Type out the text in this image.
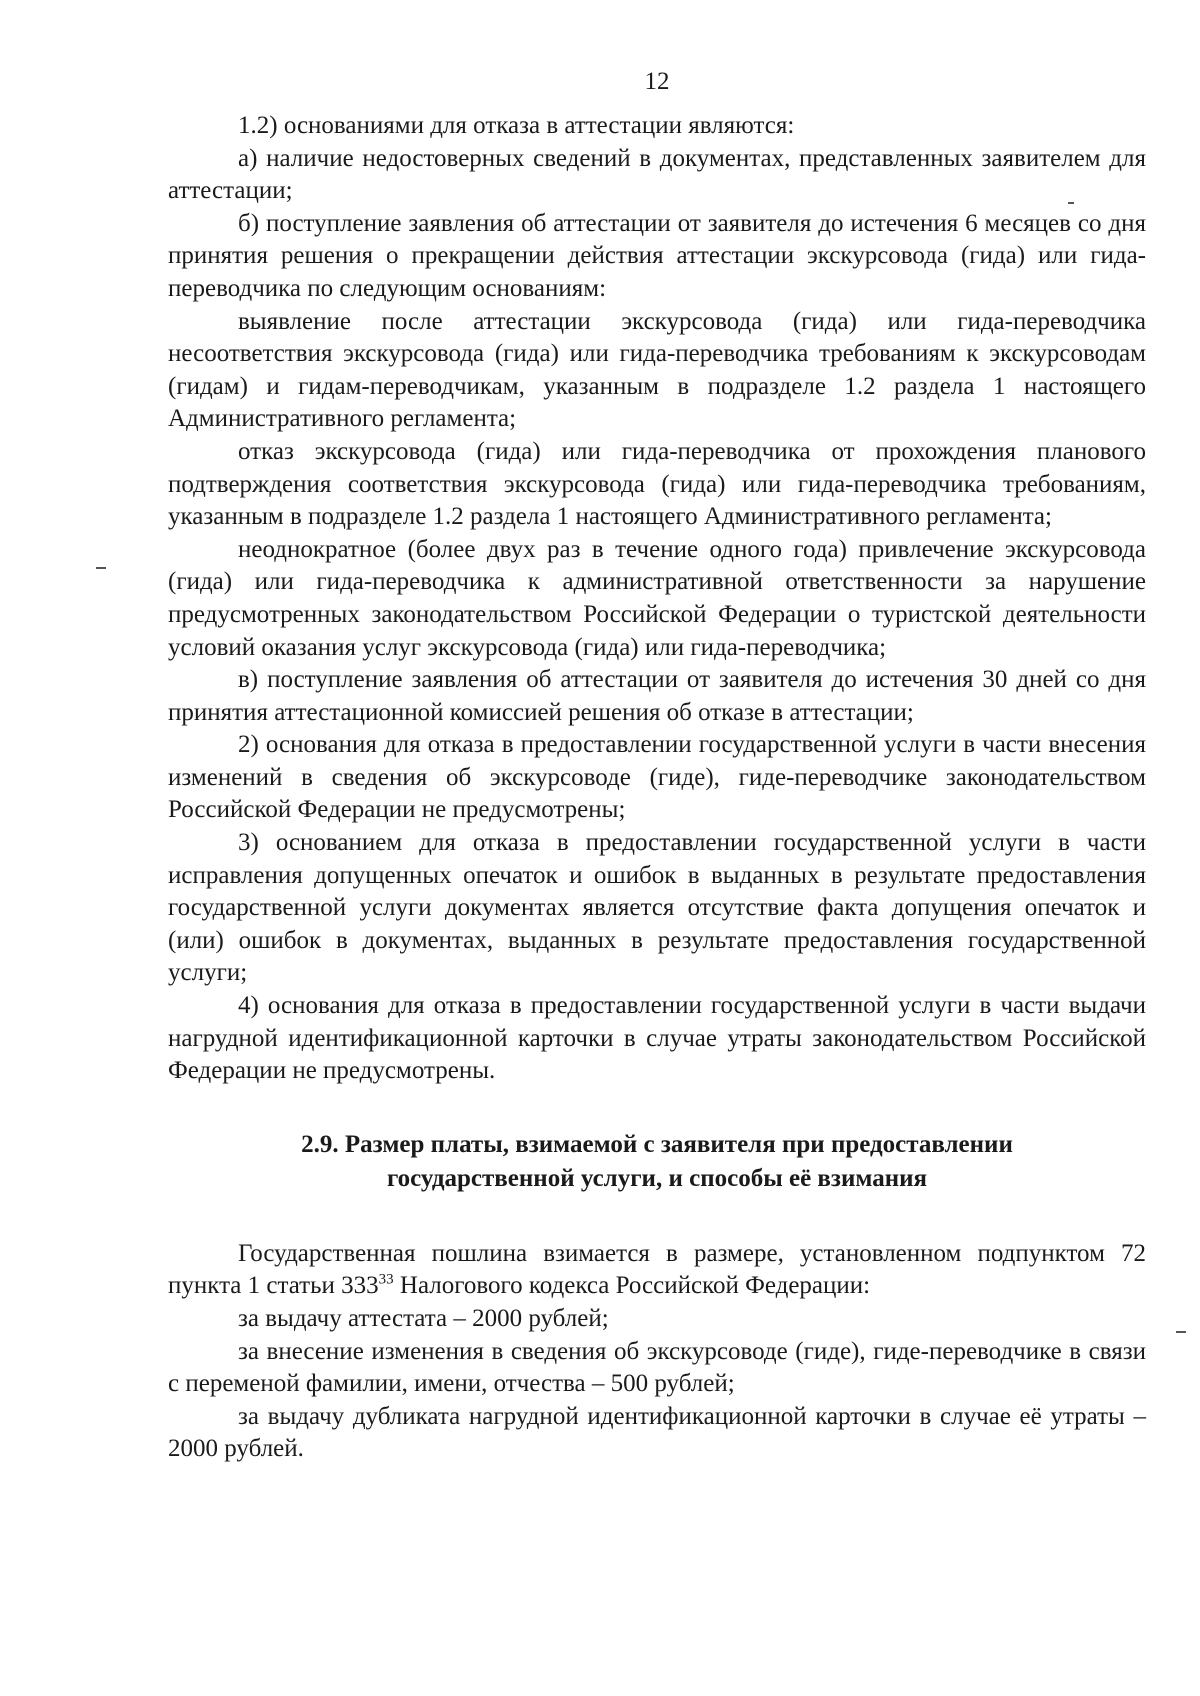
12

1.2) основаниями для отказа в аттестации являются:

а) наличие недостоверных сведений в документах, представленных заявителем для аттестации;

б) поступление заявления об аттестации от заявителя до истечения 6 месяцев со дня принятия решения о прекращении действия аттестации экскурсовода (гида) или гида-переводчика по следующим основаниям:

выявление после аттестации экскурсовода (гида) или гида-переводчика несоответствия экскурсовода (гида) или гида-переводчика требованиям к экскурсоводам (гидам) и гидам-переводчикам, указанным в подразделе 1.2 раздела 1 настоящего Административного регламента;

отказ экскурсовода (гида) или гида-переводчика от прохождения планового подтверждения соответствия экскурсовода (гида) или гида-переводчика требованиям, указанным в подразделе 1.2 раздела 1 настоящего Административного регламента;

неоднократное (более двух раз в течение одного года) привлечение экскурсовода (гида) или гида-переводчика к административной ответственности за нарушение предусмотренных законодательством Российской Федерации о туристской деятельности условий оказания услуг экскурсовода (гида) или гида-переводчика;

в) поступление заявления об аттестации от заявителя до истечения 30 дней со дня принятия аттестационной комиссией решения об отказе в аттестации;

2) основания для отказа в предоставлении государственной услуги в части внесения изменений в сведения об экскурсоводе (гиде), гиде-переводчике законодательством Российской Федерации не предусмотрены;

3) основанием для отказа в предоставлении государственной услуги в части исправления допущенных опечаток и ошибок в выданных в результате предоставления государственной услуги документах является отсутствие факта допущения опечаток и (или) ошибок в документах, выданных в результате предоставления государственной услуги;

4) основания для отказа в предоставлении государственной услуги в части выдачи нагрудной идентификационной карточки в случае утраты законодательством Российской Федерации не предусмотрены.

2.9. Размер платы, взимаемой с заявителя при предоставлении
государственной услуги, и способы её взимания

Государственная пошлина взимается в размере, установленном подпунктом 72 пункта 1 статьи $333^{33}$ Налогового кодекса Российской Федерации:

за выдачу аттестата – 2000 рублей;

за внесение изменения в сведения об экскурсоводе (гиде), гиде-переводчике в связи с переменой фамилии, имени, отчества – 500 рублей;

за выдачу дубликата нагрудной идентификационной карточки в случае её утраты – 2000 рублей.
